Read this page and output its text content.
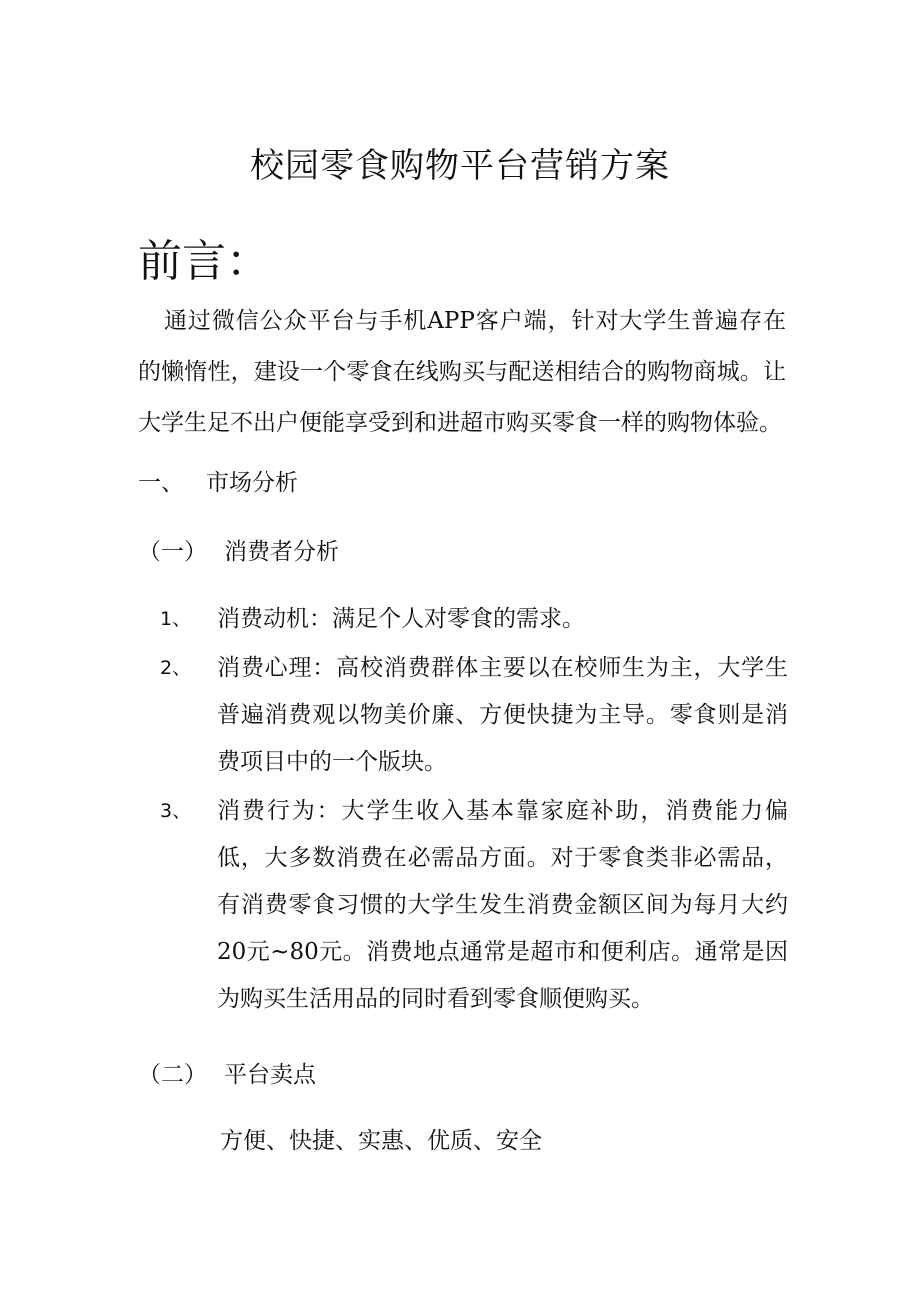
校园零食购物平台营销方案
前言：
通过微信公众平台与手机APP客户端，针对大学生普遍存在的懒惰性，建设一个零食在线购买与配送相结合的购物商城。让大学生足不出户便能享受到和进超市购买零食一样的购物体验。
一、 市场分析
（一） 消费者分析
1、	消费动机：满足个人对零食的需求。
2、	消费心理：高校消费群体主要以在校师生为主，大学生普遍消费观以物美价廉、方便快捷为主导。零食则是消费项目中的一个版块。
3、	消费行为：大学生收入基本靠家庭补助，消费能力偏低，大多数消费在必需品方面。对于零食类非必需品，有消费零食习惯的大学生发生消费金额区间为每月大约20元~80元。消费地点通常是超市和便利店。通常是因为购买生活用品的同时看到零食顺便购买。
（二） 平台卖点
方便、快捷、实惠、优质、安全
